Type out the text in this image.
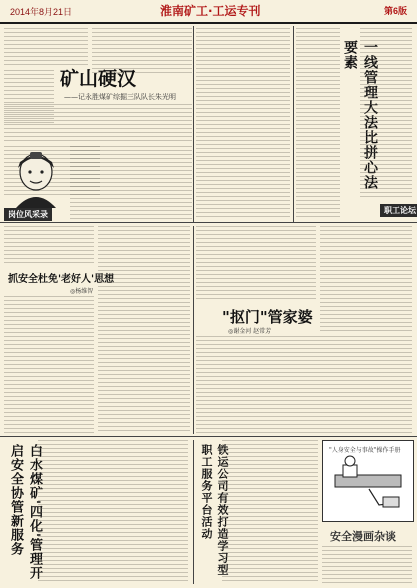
2014年8月21日	淮南矿工·工运专刊	第6版
矿山硬汉
——记永胜煤矿综掘三队队长朱光明
岗位风采录
一线管理大法比拼心法要素
职工论坛
抓安全杜免'老好人'思想
◎杨维智
"抠门"管家婆
◎谢金河 赵常芳
白水煤矿'四化'管理开启安全协管新服务	铁运公司有效打造学习型职工服务平台活动	"人身安全与事故"操作手册
安全漫画杂谈
